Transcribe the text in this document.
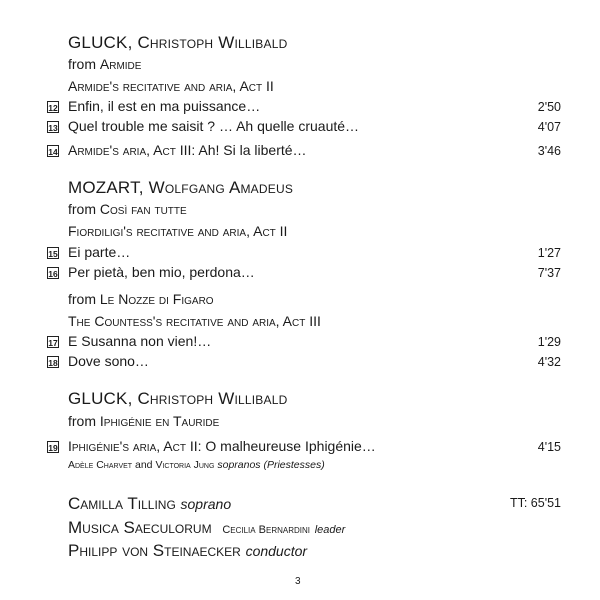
GLUCK, Christoph Willibald
from Armide
Armide's recitative and aria, Act II
12 Enfin, il est en ma puissance…	2'50
13 Quel trouble me saisit ? … Ah quelle cruauté…	4'07
14 Armide's aria, Act III: Ah! Si la liberté…	3'46
MOZART, Wolfgang Amadeus
from Così fan tutte
Fiordiligi's recitative and aria, Act II
15 Ei parte…	1'27
16 Per pietà, ben mio, perdona…	7'37
from Le Nozze di Figaro
The Countess's recitative and aria, Act III
17 E Susanna non vien!…	1'29
18 Dove sono…	4'32
GLUCK, Christoph Willibald
from Iphigénie en Tauride
19 Iphigénie's aria, Act II: O malheureuse Iphigénie…	4'15
Adèle Charvet and Victoria Jung sopranos (Priestesses)
Camilla Tilling soprano	TT: 65'51
Musica Saeculorum Cecilia Bernardini leader
Philipp von Steinaecker conductor
3
